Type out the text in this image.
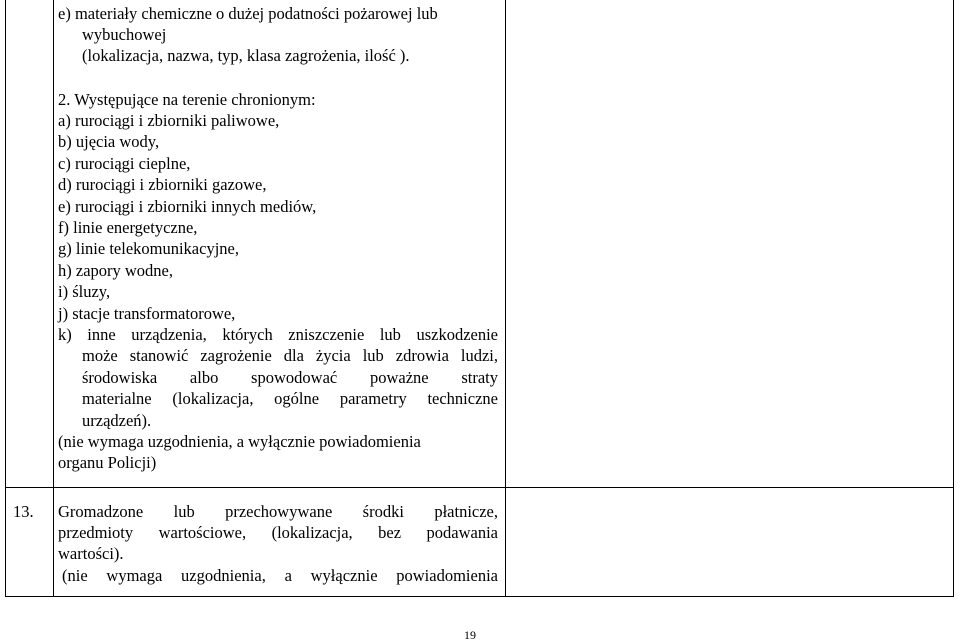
e) materiały chemiczne o dużej podatności pożarowej lub
wybuchowej
(lokalizacja, nazwa, typ, klasa zagrożenia, ilość ).
2. Występujące na terenie chronionym:
a) rurociągi i zbiorniki paliwowe,
b) ujęcia wody,
c) rurociągi cieplne,
d) rurociągi i zbiorniki gazowe,
e) rurociągi i zbiorniki innych mediów,
f) linie energetyczne,
g) linie telekomunikacyjne,
h) zapory wodne,
i) śluzy,
j) stacje transformatorowe,
k) inne urządzenia, których zniszczenie lub uszkodzenie
może stanowić zagrożenie dla życia lub zdrowia ludzi,
środowiska albo spowodować poważne straty
materialne (lokalizacja, ogólne parametry techniczne
urządzeń).
(nie wymaga uzgodnienia, a wyłącznie powiadomienia
organu Policji)
13. Gromadzone lub przechowywane środki płatnicze,
przedmioty wartościowe, (lokalizacja, bez podawania
wartości).
(nie wymaga uzgodnienia, a wyłącznie powiadomienia
19
